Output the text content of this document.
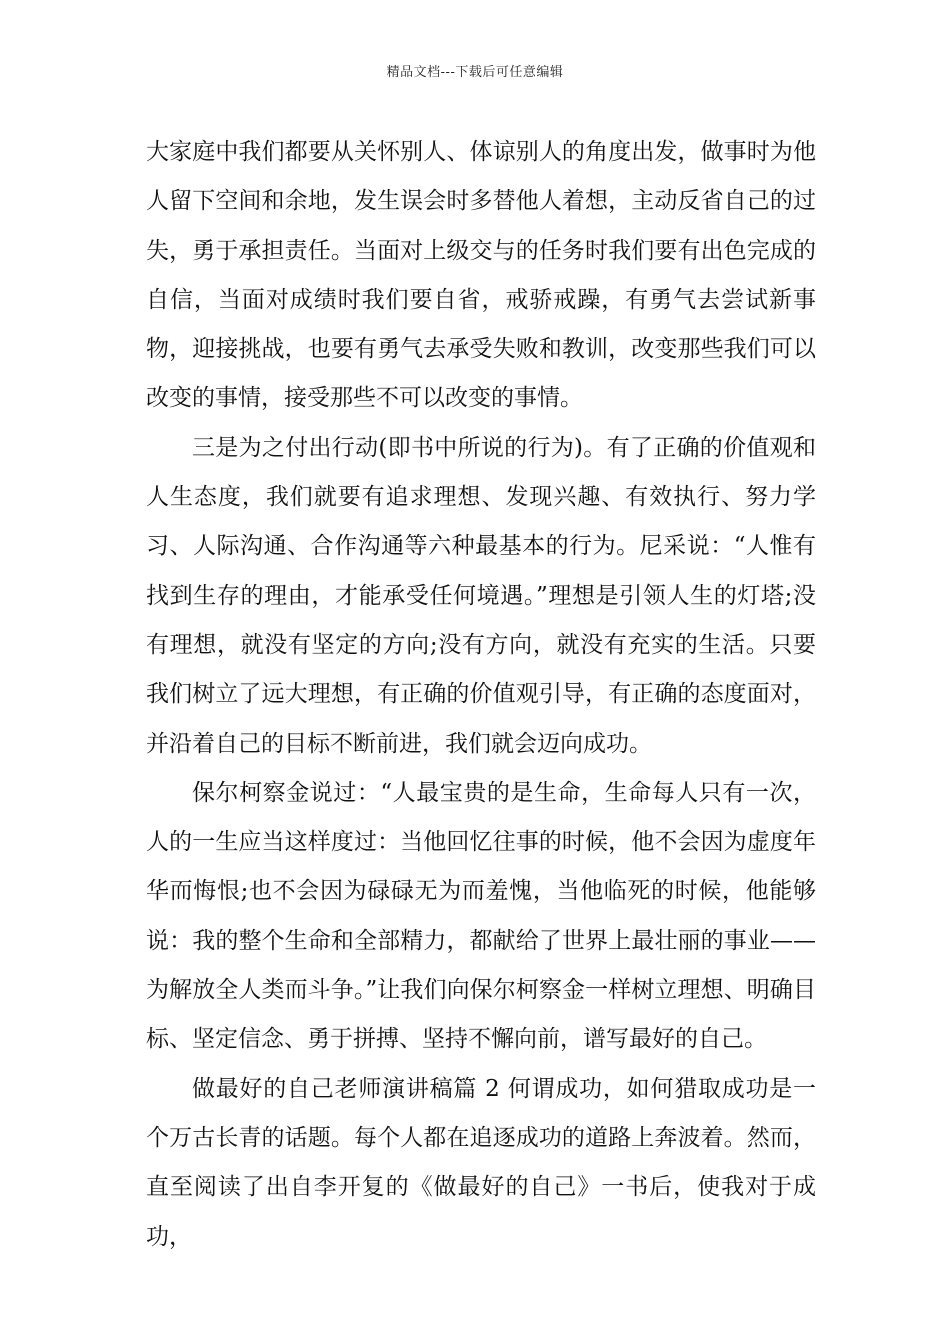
精品文档---下载后可任意编辑

大家庭中我们都要从关怀别人、体谅别人的角度出发，做事时为他人留下空间和余地，发生误会时多替他人着想，主动反省自己的过失，勇于承担责任。当面对上级交与的任务时我们要有出色完成的自信，当面对成绩时我们要自省，戒骄戒躁，有勇气去尝试新事物，迎接挑战，也要有勇气去承受失败和教训，改变那些我们可以改变的事情，接受那些不可以改变的事情。

三是为之付出行动(即书中所说的行为)。有了正确的价值观和人生态度，我们就要有追求理想、发现兴趣、有效执行、努力学习、人际沟通、合作沟通等六种最基本的行为。尼采说：“人惟有找到生存的理由，才能承受任何境遇。”理想是引领人生的灯塔;没有理想，就没有坚定的方向;没有方向，就没有充实的生活。只要我们树立了远大理想，有正确的价值观引导，有正确的态度面对，并沿着自己的目标不断前进，我们就会迈向成功。

保尔柯察金说过：“人最宝贵的是生命，生命每人只有一次，人的一生应当这样度过：当他回忆往事的时候，他不会因为虚度年华而悔恨;也不会因为碌碌无为而羞愧，当他临死的时候，他能够说：我的整个生命和全部精力，都献给了世界上最壮丽的事业——为解放全人类而斗争。”让我们向保尔柯察金一样树立理想、明确目标、坚定信念、勇于拼搏、坚持不懈向前，谱写最好的自己。

做最好的自己老师演讲稿篇 2 何谓成功，如何猎取成功是一个万古长青的话题。每个人都在追逐成功的道路上奔波着。然而，直至阅读了出自李开复的《做最好的自己》一书后，使我对于成功，
